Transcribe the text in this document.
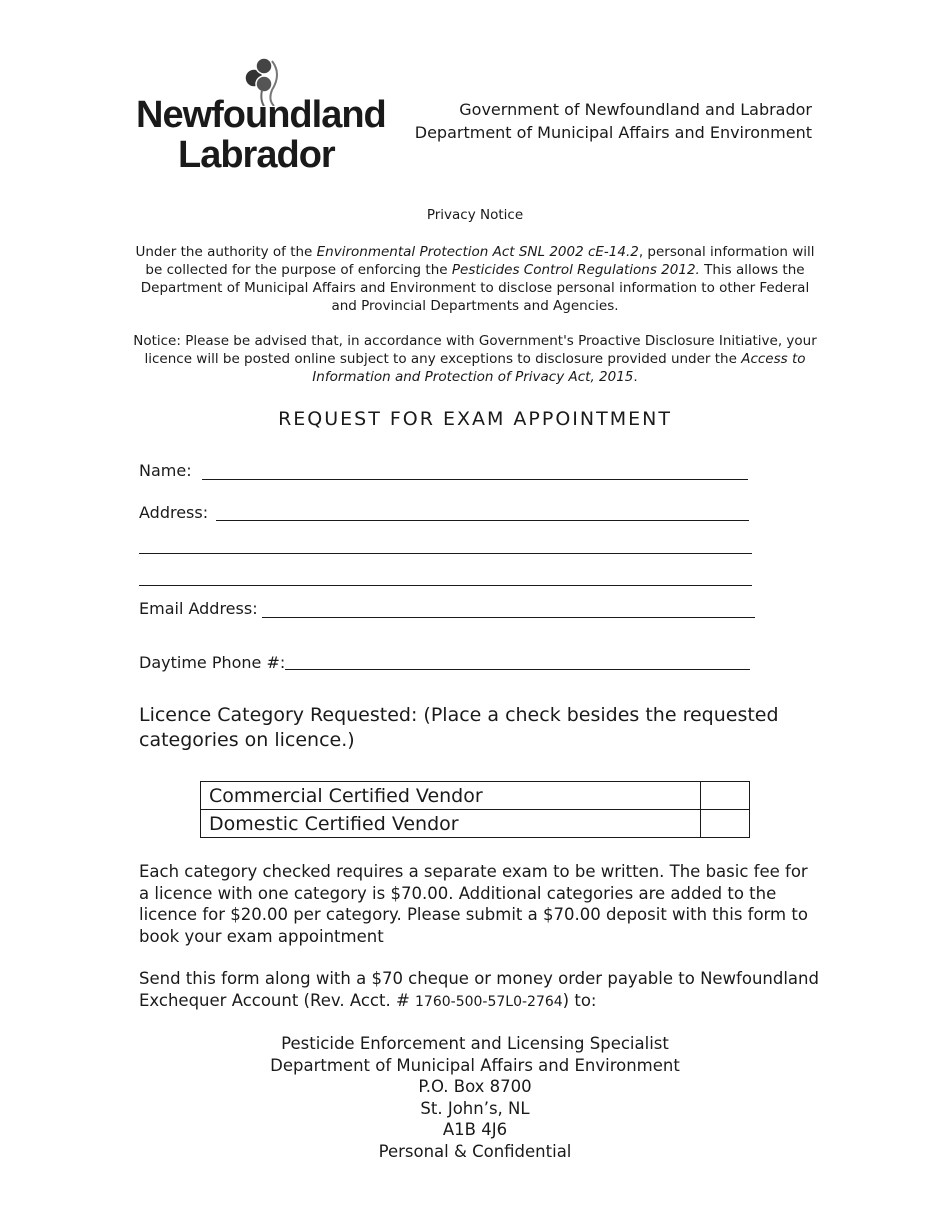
Newfoundland
Labrador
Government of Newfoundland and Labrador
Department of Municipal Affairs and Environment
Privacy Notice
Under the authority of the Environmental Protection Act SNL 2002 cE-14.2, personal information will be collected for the purpose of enforcing the Pesticides Control Regulations 2012. This allows the Department of Municipal Affairs and Environment to disclose personal information to other Federal and Provincial Departments and Agencies.
Notice: Please be advised that, in accordance with Government's Proactive Disclosure Initiative, your licence will be posted online subject to any exceptions to disclosure provided under the Access to Information and Protection of Privacy Act, 2015.
REQUEST FOR EXAM APPOINTMENT
Name:
Address:
Email Address:
Daytime Phone #:
Licence Category Requested: (Place a check besides the requested categories on licence.)
Commercial Certified Vendor	
Domestic Certified Vendor	
Each category checked requires a separate exam to be written. The basic fee for a licence with one category is $70.00. Additional categories are added to the licence for $20.00 per category. Please submit a $70.00 deposit with this form to book your exam appointment
Send this form along with a $70 cheque or money order payable to Newfoundland Exchequer Account (Rev. Acct. # 1760-500-57L0-2764) to:
Pesticide Enforcement and Licensing Specialist
Department of Municipal Affairs and Environment
P.O. Box 8700
St. John’s, NL
A1B 4J6
Personal & Confidential
